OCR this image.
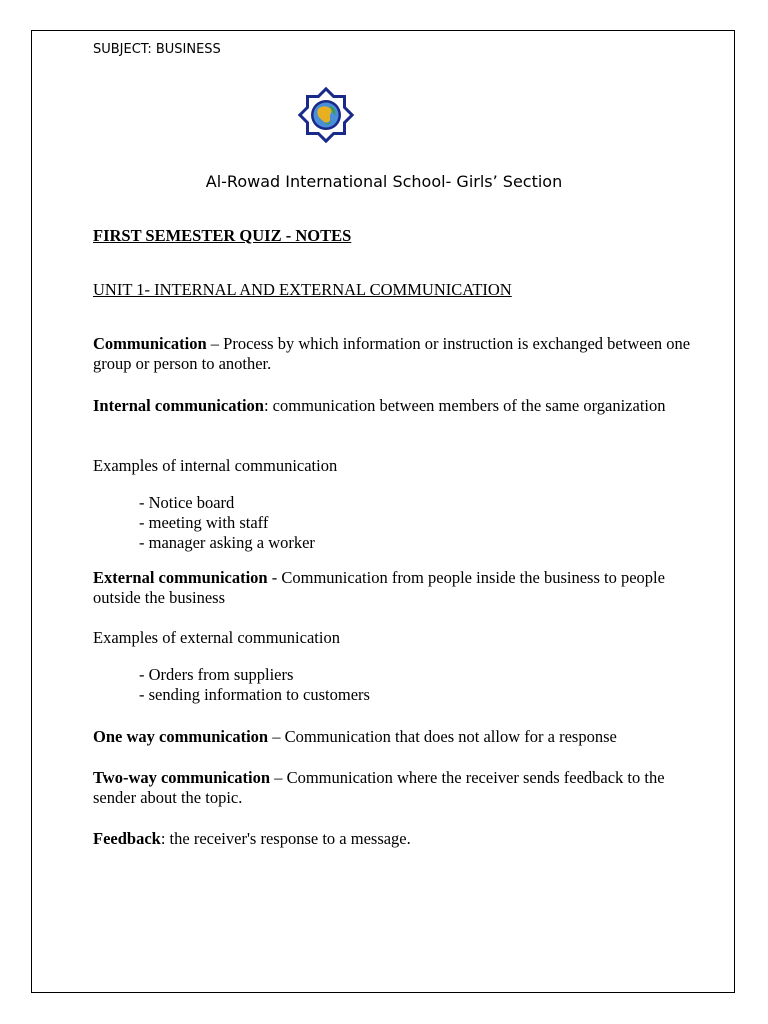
SUBJECT: BUSINESS
Al-Rowad International School- Girls’ Section
FIRST SEMESTER QUIZ - NOTES
UNIT 1- INTERNAL AND EXTERNAL COMMUNICATION
Communication – Process by which information or instruction is exchanged between one group or person to another.
Internal communication: communication between members of the same organization
Examples of internal communication
- Notice board
- meeting with staff
- manager asking a worker
External communication - Communication from people inside the business to people outside the business
Examples of external communication
- Orders from suppliers
- sending information to customers
One way communication – Communication that does not allow for a response
Two-way communication – Communication where the receiver sends feedback to the sender about the topic.
Feedback: the receiver's response to a message.
